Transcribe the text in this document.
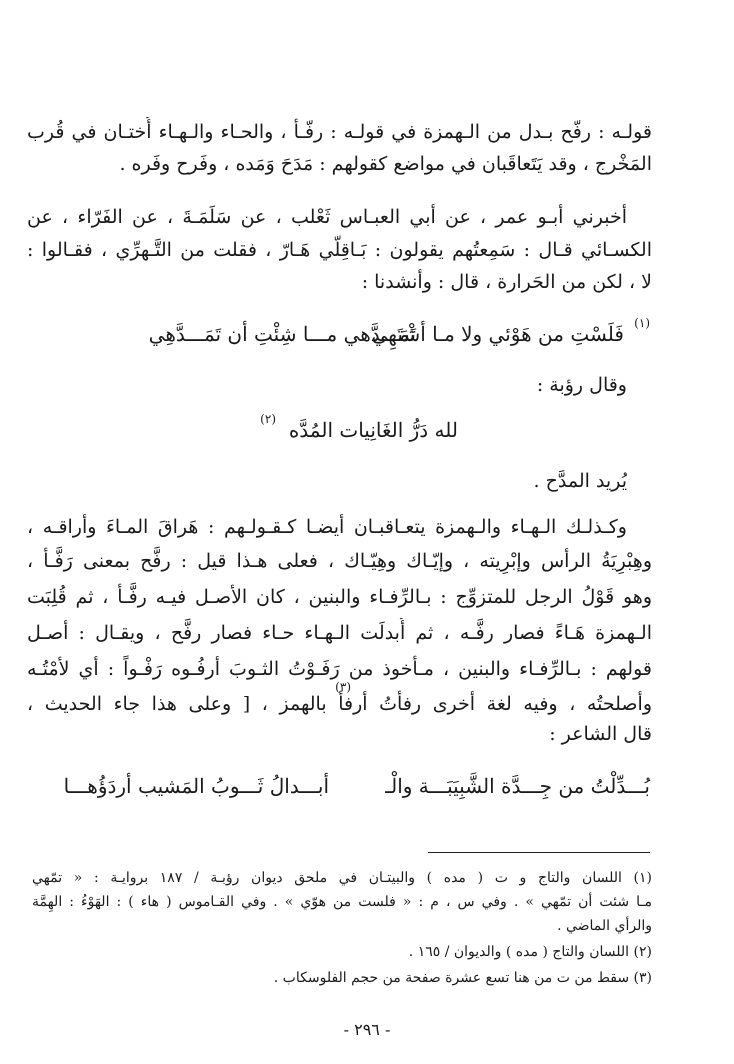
قولـه : رفّح بـدل من الـهمزة في قولـه : رفّـأ ، والحـاء والـهـاء أُختـان في قُرب
المَخْرج ، وقد يَتَعاقَبان في مواضع كقولهم : مَدَحَ وَمَده ، وفَرح وفَره .
أخبرني أبـو عمر ، عن أبي العبـاس ثَعْلب ، عن سَلَمَـةَ ، عن الفَرّاء ، عن
الكسـائي قـال : سَمِعتُهم يقولون : بَـاقِلّي هَـارّ ، فقلت من التَّـهرِّي ، فقـالوا :
لا ، لكن من الحَرارة ، قال : وأنشدنا :
تَمَـــدَّهي مـــا شِئْتِ أن تَمَـــدَّهِي
فَلَسْتِ من هَوْئي ولا مـا أشْتَهِي (١)
وقال رؤبة :
لله دَرُّ الغَانِيات المُدَّه
(٢)
يُريد المدَّح .
وكـذلـك الـهـاء والـهمزة يتعـاقبـان أيضـا كـقـولـهم : هَراقَ المـاءَ وأراقـه ،
وهِبْرِيَةُ الرأس وإبْرِيته ، وإيّـاك وهِيّـاك ، فعلى هـذا قيل : رفَّح بمعنى رَفَّـأ ،
وهو قَوْلُ الرجل للمتزوِّج : بـالرِّفـاء والبنين ، كان الأصـل فيـه رفَّـأ ، ثم قُلِبَت
الـهمزة هَـاءً فصار رفَّـه ، ثم أُبدلَت الـهـاء حـاء فصار رفَّح ، ويقـال : أصـل
قولهم : بـالرِّفـاء والبنين ، مـأخوذ من رَفَـوْتُ الثـوبَ أرفُـوه رَفْـواً : أي لأمْتُـه
وأصلحتُه ، وفيه لغة أخرى رفأتُ أرفأ بالهمز ، [ وعلى هذا جاء الحديث ،
(٣)
قال الشاعر :
بُـــدِّلْتُ من جِـــدَّة الشَّبِيَبَـــة والْـ
أبـــدالُ ثَـــوبُ المَشيب أردَؤُهـــا
(١) اللسان والتاج و ت ( مده ) والبيتـان في ملحق ديوان رؤبـة / ١٨٧ بروايـة : « تمّهي
مـا شئت أن تمّهي » . وفي س ، م : « فلست من هوّي » . وفي القـاموس ( هاء ) : الهَوْءُ : الهِمَّة
والرأي الماضي .
(٢) اللسان والتاج ( مده ) والديوان / ١٦٥ .
(٣) سقط من ت من هنا تسع عشرة صفحة من حجم الفلوسكاب .
- ٢٩٦ -
